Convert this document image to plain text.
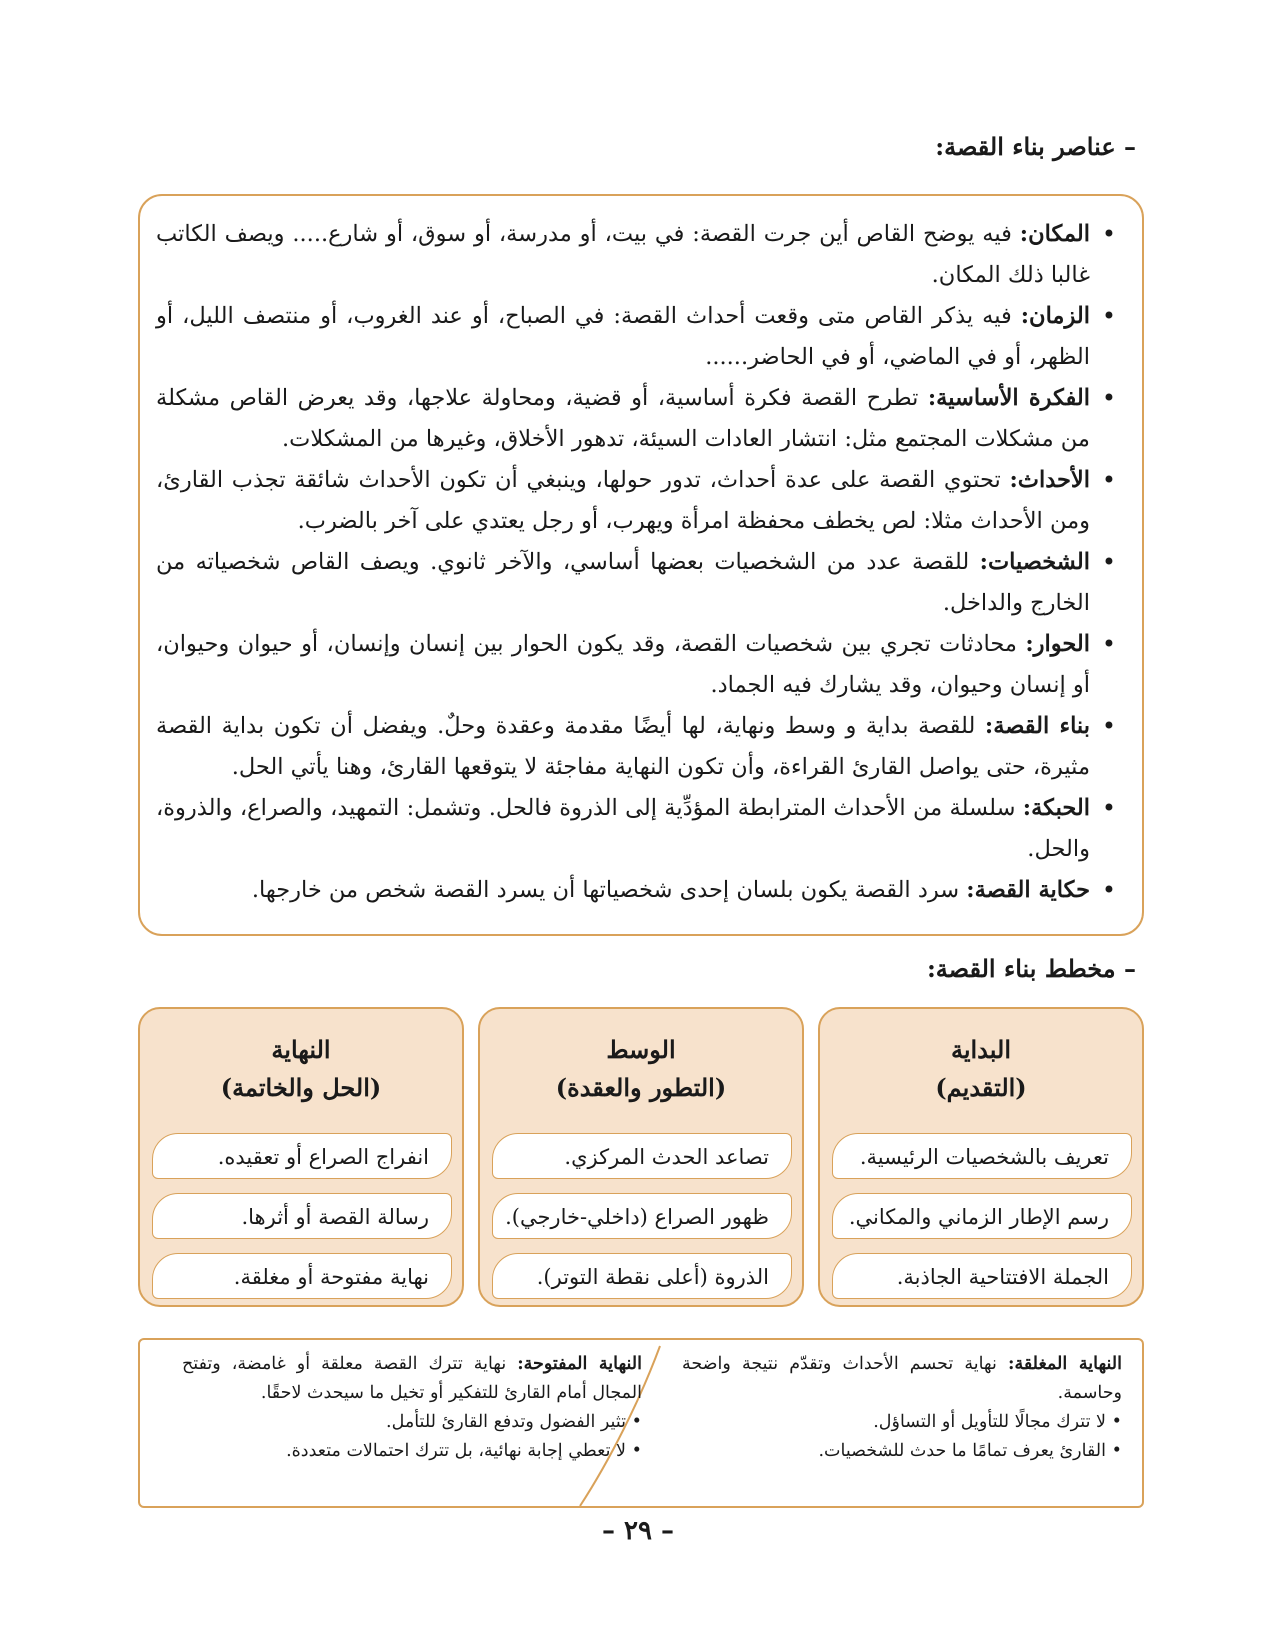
– عناصر بناء القصة:
• المكان: فيه يوضح القاص أين جرت القصة: في بيت، أو مدرسة، أو سوق، أو شارع..... ويصف الكاتب غالبا ذلك المكان.
• الزمان: فيه يذكر القاص متى وقعت أحداث القصة: في الصباح، أو عند الغروب، أو منتصف الليل، أو الظهر، أو في الماضي، أو في الحاضر......
• الفكرة الأساسية: تطرح القصة فكرة أساسية، أو قضية، ومحاولة علاجها، وقد يعرض القاص مشكلة من مشكلات المجتمع مثل: انتشار العادات السيئة، تدهور الأخلاق، وغيرها من المشكلات.
• الأحداث: تحتوي القصة على عدة أحداث، تدور حولها، وينبغي أن تكون الأحداث شائقة تجذب القارئ، ومن الأحداث مثلا: لص يخطف محفظة امرأة ويهرب، أو رجل يعتدي على آخر بالضرب.
• الشخصيات: للقصة عدد من الشخصيات بعضها أساسي، والآخر ثانوي. ويصف القاص شخصياته من الخارج والداخل.
• الحوار: محادثات تجري بين شخصيات القصة، وقد يكون الحوار بين إنسان وإنسان، أو حيوان وحيوان، أو إنسان وحيوان، وقد يشارك فيه الجماد.
• بناء القصة: للقصة بداية و وسط ونهاية، لها أيضًا مقدمة وعقدة وحلٌ. ويفضل أن تكون بداية القصة مثيرة، حتى يواصل القارئ القراءة، وأن تكون النهاية مفاجئة لا يتوقعها القارئ، وهنا يأتي الحل.
• الحبكة: سلسلة من الأحداث المترابطة المؤدِّية إلى الذروة فالحل. وتشمل: التمهيد، والصراع، والذروة، والحل.
• حكاية القصة: سرد القصة يكون بلسان إحدى شخصياتها أن يسرد القصة شخص من خارجها.
– مخطط بناء القصة:
البداية
(التقديم)
تعريف بالشخصيات الرئيسية.
رسم الإطار الزماني والمكاني.
الجملة الافتتاحية الجاذبة.
الوسط
(التطور والعقدة)
تصاعد الحدث المركزي.
ظهور الصراع (داخلي-خارجي).
الذروة (أعلى نقطة التوتر).
النهاية
(الحل والخاتمة)
انفراج الصراع أو تعقيده.
رسالة القصة أو أثرها.
نهاية مفتوحة أو مغلقة.
النهاية المغلقة: نهاية تحسم الأحداث وتقدّم نتيجة واضحة وحاسمة.
• لا تترك مجالًا للتأويل أو التساؤل.
• القارئ يعرف تمامًا ما حدث للشخصيات.
النهاية المفتوحة: نهاية تترك القصة معلقة أو غامضة، وتفتح المجال أمام القارئ للتفكير أو تخيل ما سيحدث لاحقًا.
• تثير الفضول وتدفع القارئ للتأمل.
• لا تعطي إجابة نهائية، بل تترك احتمالات متعددة.
– ٢٩ –
